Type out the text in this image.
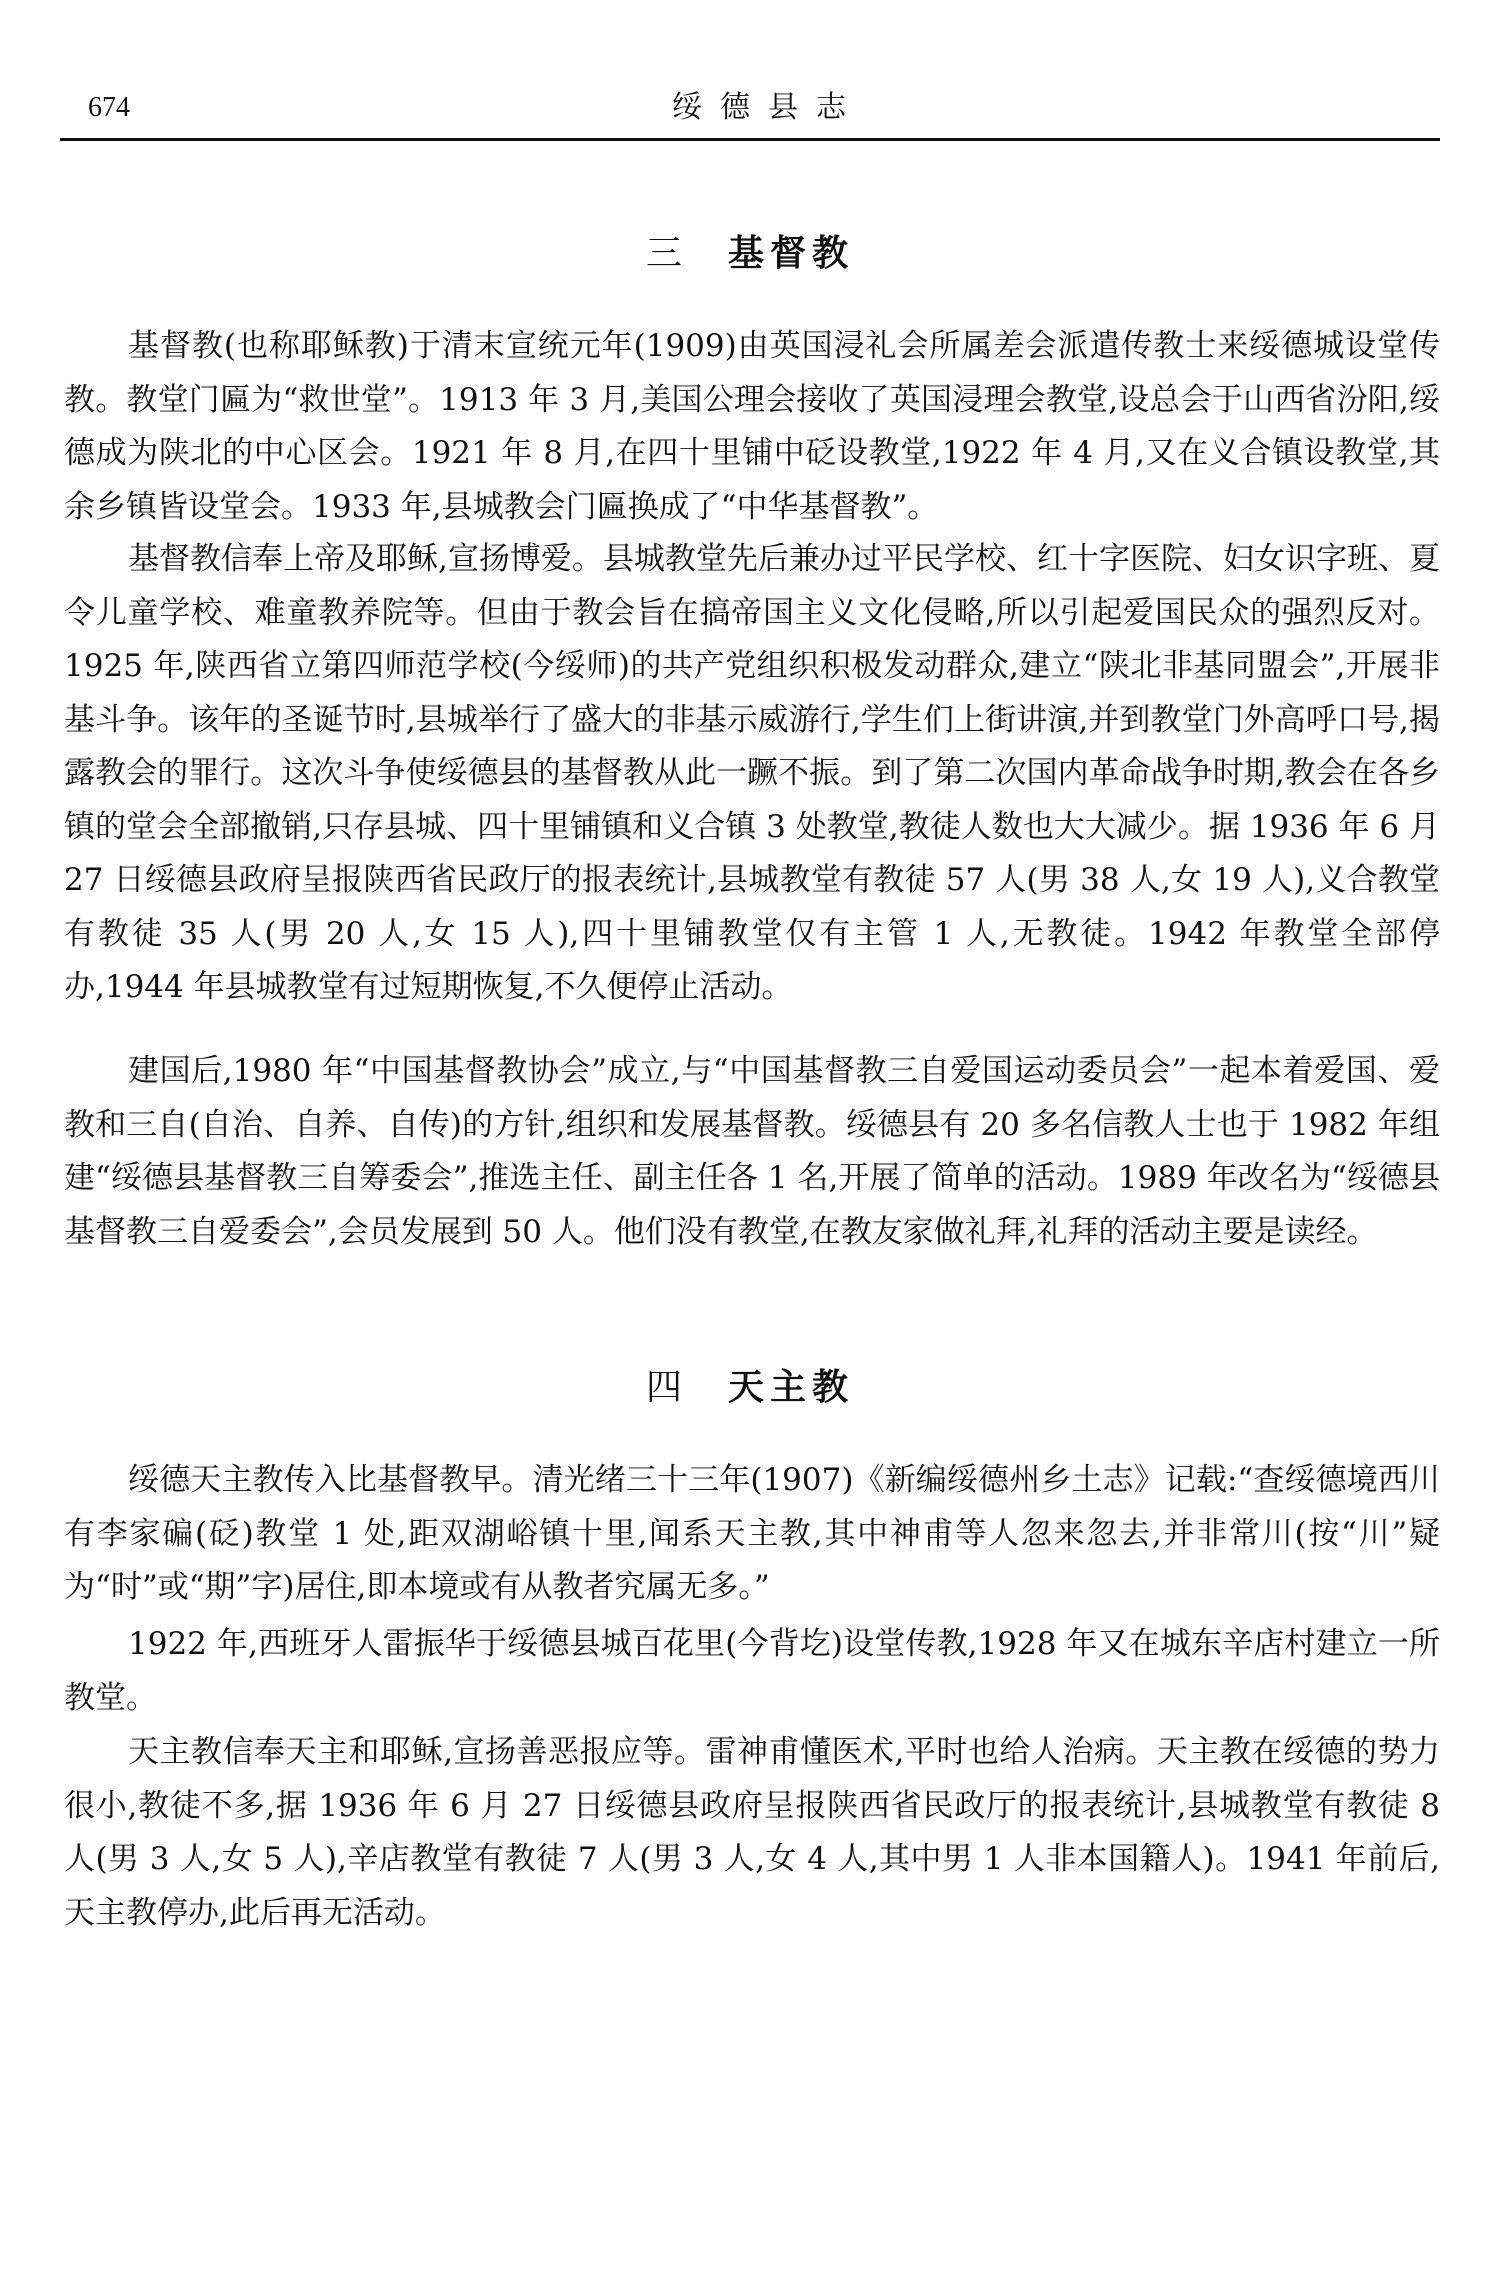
674	绥德县志
三 基督教

基督教(也称耶稣教)于清末宣统元年(1909)由英国浸礼会所属差会派遣传教士来绥德城设堂传教。教堂门匾为“救世堂”。1913 年 3 月,美国公理会接收了英国浸理会教堂,设总会于山西省汾阳,绥德成为陕北的中心区会。1921 年 8 月,在四十里铺中砭设教堂,1922 年 4 月,又在义合镇设教堂,其余乡镇皆设堂会。1933 年,县城教会门匾换成了“中华基督教”。

基督教信奉上帝及耶稣,宣扬博爱。县城教堂先后兼办过平民学校、红十字医院、妇女识字班、夏令儿童学校、难童教养院等。但由于教会旨在搞帝国主义文化侵略,所以引起爱国民众的强烈反对。1925 年,陕西省立第四师范学校(今绥师)的共产党组织积极发动群众,建立“陕北非基同盟会”,开展非基斗争。该年的圣诞节时,县城举行了盛大的非基示威游行,学生们上街讲演,并到教堂门外高呼口号,揭露教会的罪行。这次斗争使绥德县的基督教从此一蹶不振。到了第二次国内革命战争时期,教会在各乡镇的堂会全部撤销,只存县城、四十里铺镇和义合镇 3 处教堂,教徒人数也大大减少。据 1936 年 6 月 27 日绥德县政府呈报陕西省民政厅的报表统计,县城教堂有教徒 57 人(男 38 人,女 19 人),义合教堂有教徒 35 人(男 20 人,女 15 人),四十里铺教堂仅有主管 1 人,无教徒。1942 年教堂全部停办,1944 年县城教堂有过短期恢复,不久便停止活动。

建国后,1980 年“中国基督教协会”成立,与“中国基督教三自爱国运动委员会”一起本着爱国、爱教和三自(自治、自养、自传)的方针,组织和发展基督教。绥德县有 20 多名信教人士也于 1982 年组建“绥德县基督教三自筹委会”,推选主任、副主任各 1 名,开展了简单的活动。1989 年改名为“绥德县基督教三自爱委会”,会员发展到 50 人。他们没有教堂,在教友家做礼拜,礼拜的活动主要是读经。

四 天主教

绥德天主教传入比基督教早。清光绪三十三年(1907)《新编绥德州乡土志》记载:“查绥德境西川有李家碥(砭)教堂 1 处,距双湖峪镇十里,闻系天主教,其中神甫等人忽来忽去,并非常川(按“川”疑为“时”或“期”字)居住,即本境或有从教者究属无多。”

1922 年,西班牙人雷振华于绥德县城百花里(今背圪)设堂传教,1928 年又在城东辛店村建立一所教堂。

天主教信奉天主和耶稣,宣扬善恶报应等。雷神甫懂医术,平时也给人治病。天主教在绥德的势力很小,教徒不多,据 1936 年 6 月 27 日绥德县政府呈报陕西省民政厅的报表统计,县城教堂有教徒 8 人(男 3 人,女 5 人),辛店教堂有教徒 7 人(男 3 人,女 4 人,其中男 1 人非本国籍人)。1941 年前后,天主教停办,此后再无活动。
